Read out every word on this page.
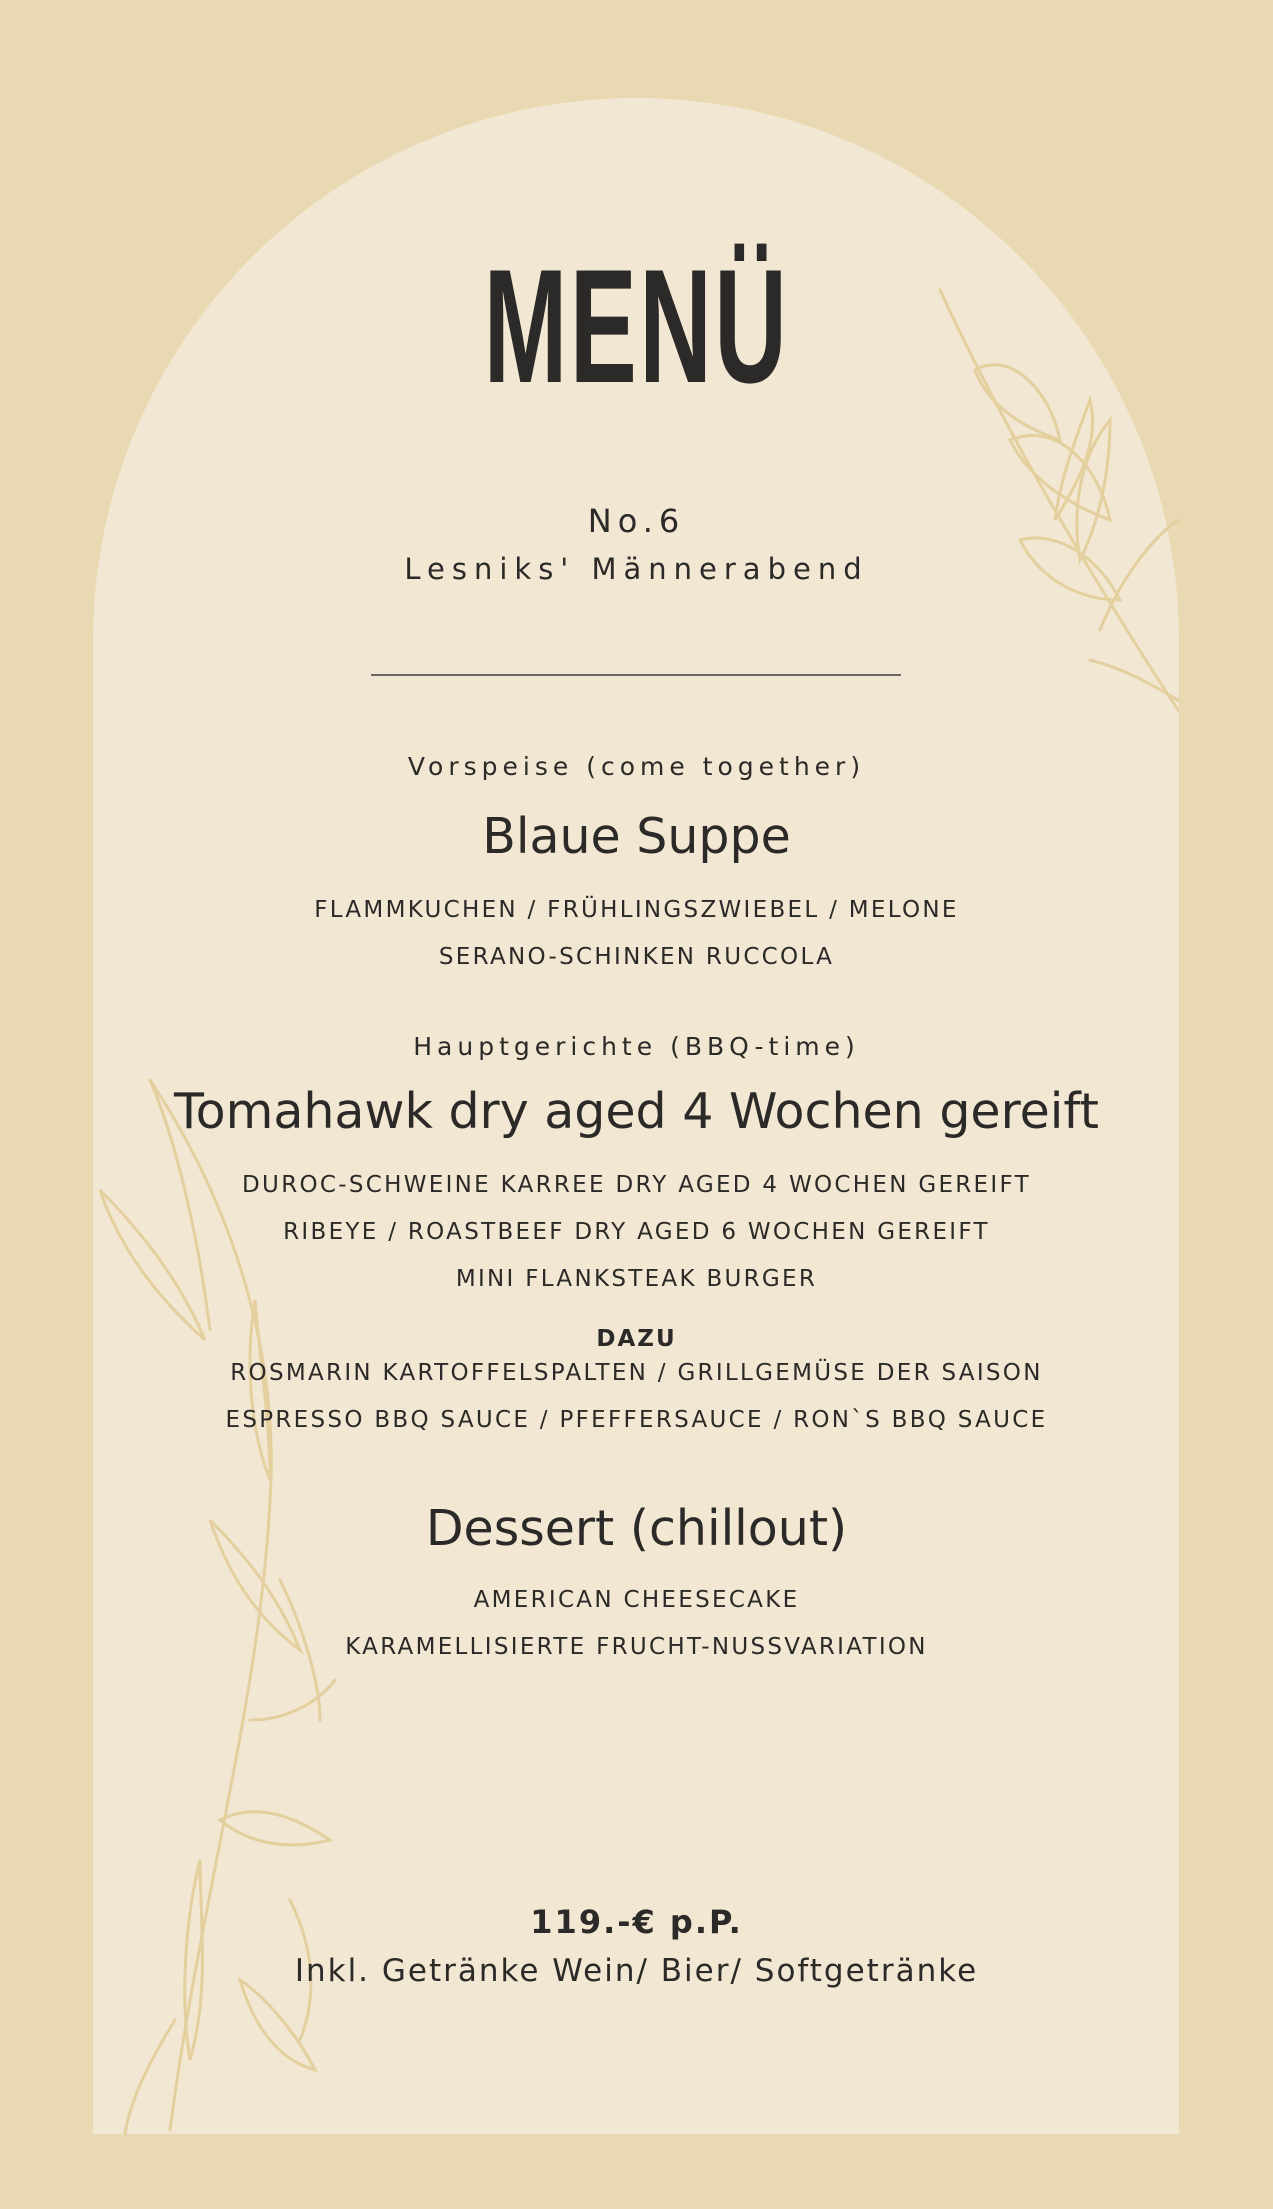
MENÜ
No.6
Lesniks' Männerabend
Vorspeise (come together)
Blaue Suppe
FLAMMKUCHEN / FRÜHLINGSZWIEBEL / MELONE
SERANO-SCHINKEN RUCCOLA
Hauptgerichte (BBQ-time)
Tomahawk dry aged 4 Wochen gereift
DUROC-SCHWEINE KARREE DRY AGED 4 WOCHEN GEREIFT
RIBEYE / ROASTBEEF DRY AGED 6 WOCHEN GEREIFT
MINI FLANKSTEAK BURGER
DAZU
ROSMARIN KARTOFFELSPALTEN / GRILLGEMÜSE DER SAISON
ESPRESSO BBQ SAUCE / PFEFFERSAUCE / RON`S BBQ SAUCE
Dessert (chillout)
AMERICAN CHEESECAKE
KARAMELLISIERTE FRUCHT-NUSSVARIATION
119.-€ p.P.
Inkl. Getränke Wein/ Bier/ Softgetränke
